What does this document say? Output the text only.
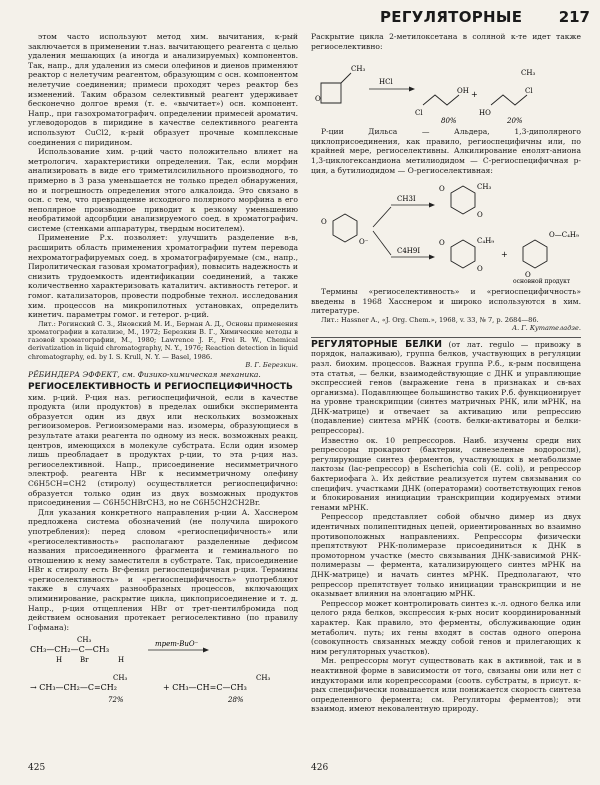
РЕГУЛЯТОРНЫЕ 217

этом часто используют метод хим. вычитания, к-рый заключается в применении т.наз. вычитающего реагента с целью удаления мешающих (а иногда и анализируемых) компонентов. Так, напр., для удаления из смеси олефинов и диенов применяют реактор с нелетучим реагентом, образующим с осн. компонентом нелетучие соединения; примеси проходят через реактор без изменений. Таким образом селективный реагент удерживает бесконечно долгое время (т. е. «вычитает») осн. компонент. Напр., при газохроматографич. определении примесей ароматич. углеводородов в пиридине в качестве селективного реагента используют CuCl2, к-рый образует прочные комплексные соединения с пиридином.

Использование хим. р-ций часто положительно влияет на метрологич. характеристики определения. Так, если морфин анализировать в виде его триметилсилильного производного, то примерно в 3 раза уменьшается не только предел обнаружения, но и погрешность определения этого алкалоида. Это связано в осн. с тем, что превращение исходного полярного морфина в его неполярное производное приводит к резкому уменьшению необратимой адсорбции анализируемого соед. в хроматографич. системе (стенками аппаратуры, твердым носителем).

Применение Р.х. позволяет: улучшить разделение в-в, расширить область применения хроматографии путем перевода нехроматографируемых соед. в хроматографируемые (см., напр., Пиролитическая газовая хроматография), повысить надежность и снизить трудоемкость идентификации соединений, а также количественно характеризовать каталитич. активность гетерог. и гомог. катализаторов, провести подробные технол. исследования хим. процессов на микропилотных установках, определить кинетич. параметры гомог. и гетерог. р-ций.

Лит.: Рогинский С. З., Яновский М. И., Берман А. Д., Основы применения хроматографии в катализе, М., 1972; Березкин В. Г., Химические методы в газовой хроматографии, М., 1980; Lawrence J. F., Frei R. W., Chemical derivatization in liquid chromatography, N. Y., 1976; Reaction detection in liquid chromatography, ed. by I. S. Krull, N. Y. — Basel, 1986.

В. Г. Березкин.

РЁБИНДЕРА ЭФФЕКТ, см. Физико-химическая механика.

РЕГИОСЕЛЕКТИВНОСТЬ И РЕГИОСПЕЦИФИЧНОСТЬ

хим. р-ций. Р-ция наз. региоспецифичной, если в качестве продукта (или продуктов) в пределах ошибки эксперимента образуется один из двух или нескольких возможных региоизомеров. Региоизомерами наз. изомеры, образующиеся в результате атаки реагента по одному из неск. возможных реакц. центров, имеющихся в молекуле субстрата. Если один изомер лишь преобладает в продуктах р-ции, то эта р-ция наз. региоселективной. Напр., присоединение несимметричного электроф. реагента HBr к несимметричному олефину C6H5CH=CH2 (стиролу) осуществляется региоспецифично: образуется только один из двух возможных продуктов присоединения — C6H5CHBrCH3, но не C6H5CH2CH2Br.

Для указания конкретного направления р-ции А. Хасснером предложена система обозначений (не получила широкого употребления): перед словом «региоспецифичность» или «региоселективность» располагают разделенные дефисом названия присоединенного фрагмента и геминального по отношению к нему заместителя в субстрате. Так, присоединение HBr к стиролу есть Br-фенил региоспецифичная р-ция. Термины «региоселективность» и «региоспецифичность» употребляют также в случаях разнообразных процессов, включающих элиминирование, раскрытие цикла, циклоприсоединение и т. д. Напр., р-ция отщепления HBr от трет-пентилбромида под действием основания протекает региоселективно (по правилу Гофмана):

CH₃—CH₂—C—CH₃
CH₃
H	Br	H
трет-BuO⁻
→ CH₃—CH₂—C=CH₂
CH₃
+ CH₃—CH=C—CH₃
CH₃
72%	28%

Раскрытие цикла 2-метилоксетана в соляной к-те идет также региоселективно:

O
CH₃
HCl
Cl
OH +
HO
Cl
CH₃
80%	20%

Р-ции Дильса — Альдера, 1,3-диполярного циклоприсоединения, как правило, региоспецифичны или, по крайней мере, региоселективны. Алкилирование енолят-аниона 1,3-циклогександиона метилиодидом — C-региоспецифичная р-ция, а бутилиодидом — O-региоселективная:

O
O⁻
CH3I
C4H9I
O
O
CH₃
O
O
C₄H₉
+
O—C₄H₉
O
основной продукт

Термины «региоселективность» и «региоспецифичность» введены в 1968 Хасснером и широко используются в хим. литературе.

Лит.: Hassner A., «J. Org. Chem.», 1968, v. 33, № 7, p. 2684—86.

А. Г. Кутателадзе.

РЕГУЛЯТОРНЫЕ БЕЛКИ (от лат. regulo — привожу в порядок, налаживаю), группа белков, участвующих в регуляции разл. биохим. процессов. Важная группа Р.б., к-рым посвящена эта статья, — белки, взаимодействующие с ДНК и управляющие экспрессией генов (выражение гена в признаках и св-вах организма). Подавляющее большинство таких Р.б. функционирует на уровне транскрипции (синтез матричных РНК, или мРНК, на ДНК-матрице) и отвечает за активацию или репрессию (подавление) синтеза мРНК (соотв. белки-активаторы и белки-репрессоры).

Известно ок. 10 репрессоров. Наиб. изучены среди них репрессоры прокариот (бактерии, синезеленые водоросли), регулирующие синтез ферментов, участвующих в метаболизме лактозы (lac-репрессор) в Escherichia coli (E. coli), и репрессор бактериофага λ. Их действие реализуется путем связывания со специфич. участками ДНК (операторами) соответствующих генов и блокирования инициации транскрипции кодируемых этими генами мРНК.

Репрессор представляет собой обычно димер из двух идентичных полипептидных цепей, ориентированных во взаимно противоположных направлениях. Репрессоры физически препятствуют РНК-полимеразе присоединиться к ДНК в промоторном участке (место связывания ДНК-зависимой РНК-полимеразы — фермента, катализирующего синтез мРНК на ДНК-матрице) и начать синтез мРНК. Предполагают, что репрессор препятствует только инициации транскрипции и не оказывает влияния на элонгацию мРНК.

Репрессор может контролировать синтез к.-л. одного белка или целого ряда белков, экспрессия к-рых носит координированный характер. Как правило, это ферменты, обслуживающие один метаболич. путь; их гены входят в состав одного оперона (совокупность связанных между собой генов и прилегающих к ним регуляторных участков).

Мн. репрессоры могут существовать как в активной, так и в неактивной форме в зависимости от того, связаны они или нет с индукторами или корепрессорами (соотв. субстраты, в присут. к-рых специфически повышается или понижается скорость синтеза определенного фермента; см. Регуляторы ферментов); эти взаимод. имеют нековалентную природу.

425	426
